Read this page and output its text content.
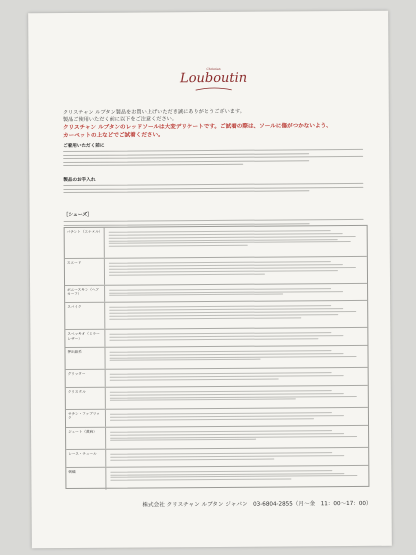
Christian
Louboutin

クリスチャン ルブタン製品をお買い上げいただき誠にありがとうございます。

製品ご使用いただく前に以下をご注意ください。

クリスチャン ルブタンのレッドソールは大変デリケートです。ご試着の際は、ソールに傷がつかないよう、

カーペットの上などでご試着ください。

ご着用いただく前に
製品のお手入れ
［シューズ］
パテント（エナメル）
スエード
ポニースキン（ヘアカーフ）
スパイク
スペッキオ（ミラーレザー）
押出鋲系
グリッター
クリスタル
サテン・ファブリック
ジュート（黄麻）
レース・チュール
刺繍
株式会社 クリスチャン ルブタン ジャパン　03-6804-2855（月～金　11：00～17：00）
